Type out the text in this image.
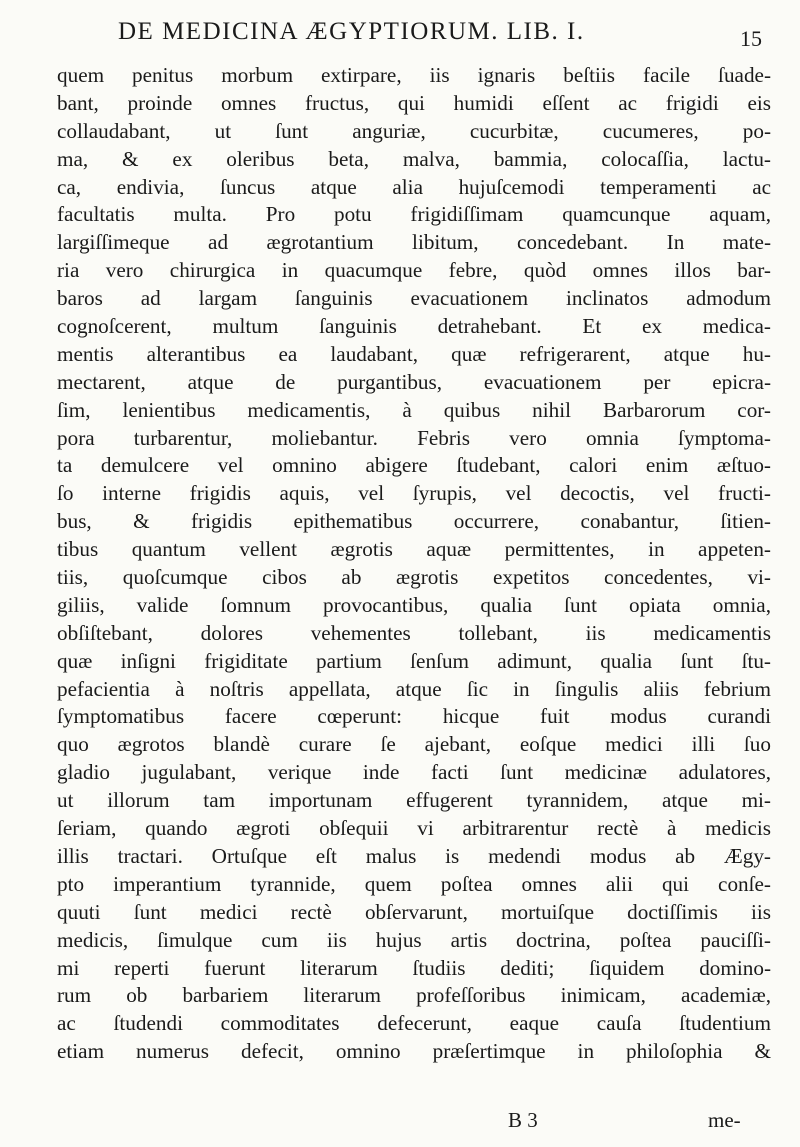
DE MEDICINA ÆGYPTIORUM. LIB. I.	15
quem penitus morbum extirpare, iis ignaris beſtiis facile ſuade-
bant, proinde omnes fructus, qui humidi eſſent ac frigidi eis
collaudabant, ut ſunt anguriæ, cucurbitæ, cucumeres, po-
ma, & ex oleribus beta, malva, bammia, colocaſſia, lactu-
ca, endivia, ſuncus atque alia hujuſcemodi temperamenti ac
facultatis multa. Pro potu frigidiſſimam quamcunque aquam,
largiſſimeque ad ægrotantium libitum, concedebant. In mate-
ria vero chirurgica in quacumque febre, quòd omnes illos bar-
baros ad largam ſanguinis evacuationem inclinatos admodum
cognoſcerent, multum ſanguinis detrahebant. Et ex medica-
mentis alterantibus ea laudabant, quæ refrigerarent, atque hu-
mectarent, atque de purgantibus, evacuationem per epicra-
ſim, lenientibus medicamentis, à quibus nihil Barbarorum cor-
pora turbarentur, moliebantur. Febris vero omnia ſymptoma-
ta demulcere vel omnino abigere ſtudebant, calori enim æſtuo-
ſo interne frigidis aquis, vel ſyrupis, vel decoctis, vel fructi-
bus, & frigidis epithematibus occurrere, conabantur, ſitien-
tibus quantum vellent ægrotis aquæ permittentes, in appeten-
tiis, quoſcumque cibos ab ægrotis expetitos concedentes, vi-
giliis, valide ſomnum provocantibus, qualia ſunt opiata omnia,
obſiſtebant, dolores vehementes tollebant, iis medicamentis
quæ inſigni frigiditate partium ſenſum adimunt, qualia ſunt ſtu-
pefacientia à noſtris appellata, atque ſic in ſingulis aliis febrium
ſymptomatibus facere cœperunt: hicque fuit modus curandi
quo ægrotos blandè curare ſe ajebant, eoſque medici illi ſuo
gladio jugulabant, verique inde facti ſunt medicinæ adulatores,
ut illorum tam importunam effugerent tyrannidem, atque mi-
ſeriam, quando ægroti obſequii vi arbitrarentur rectè à medicis
illis tractari. Ortuſque eſt malus is medendi modus ab Ægy-
pto imperantium tyrannide, quem poſtea omnes alii qui conſe-
quuti ſunt medici rectè obſervarunt, mortuiſque doctiſſimis iis
medicis, ſimulque cum iis hujus artis doctrina, poſtea pauciſſi-
mi reperti fuerunt literarum ſtudiis dediti; ſiquidem domino-
rum ob barbariem literarum profeſſoribus inimicam, academiæ,
ac ſtudendi commoditates defecerunt, eaque cauſa ſtudentium
etiam numerus defecit, omnino præſertimque in philoſophia &
B 3	me-
